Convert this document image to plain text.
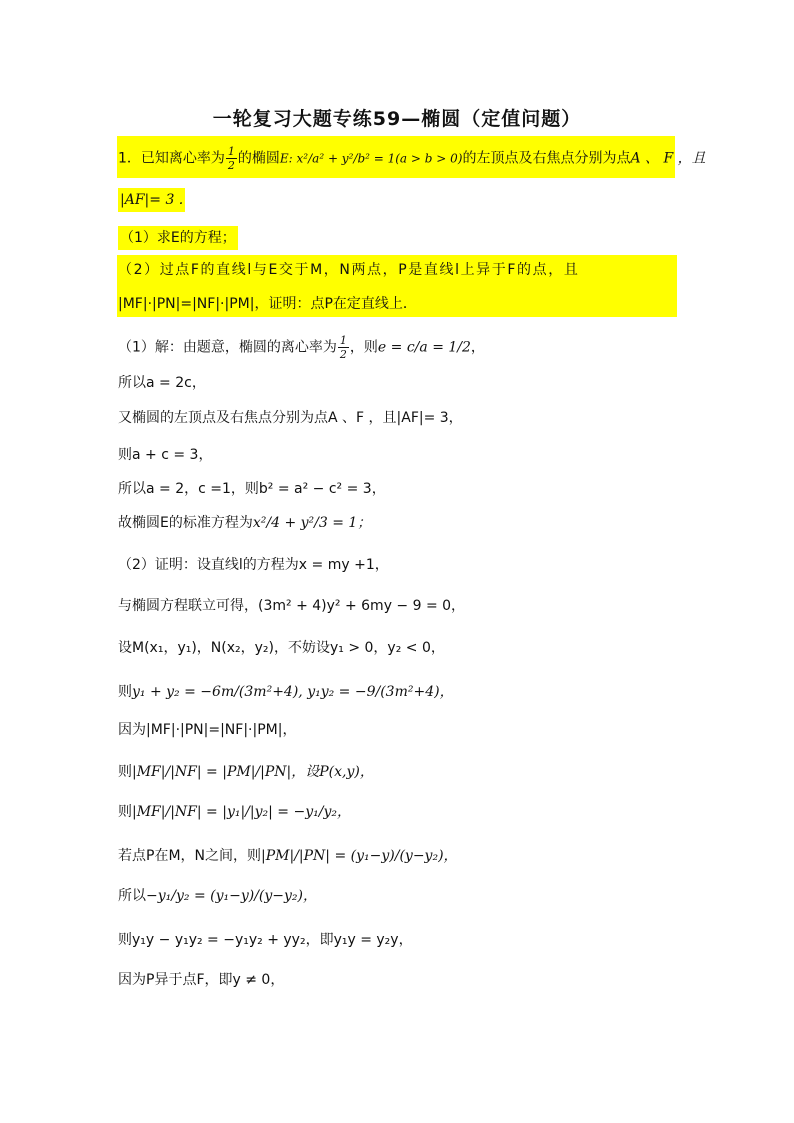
一轮复习大题专练59—椭圆（定值问题）
1．已知离心率为 $\frac{1}{2}$ 的椭圆E: x²/a² + y²/b² = 1(a > b > 0)的左顶点及右焦点分别为点A 、 F ，且
|AF|= 3 .
（1）求E的方程；
（2）过点F的直线l与E交于M，N两点，P是直线l上异于F的点，且
|MF|·|PN|=|NF|·|PM|，证明：点P在定直线上．
（1）解：由题意，椭圆的离心率为 $\frac{1}{2}$ ，则e = c/a = 1/2，
所以a = 2c，
又椭圆的左顶点及右焦点分别为点A 、F ，且|AF|= 3，
则a + c = 3，
所以a = 2，c =1，则b² = a² − c² = 3，
故椭圆E的标准方程为x²/4 + y²/3 = 1；
（2）证明：设直线l的方程为x = my +1，
与椭圆方程联立可得，(3m² + 4)y² + 6my − 9 = 0，
设M(x₁，y₁)，N(x₂，y₂)，不妨设y₁ > 0，y₂ < 0，
则y₁ + y₂ = −6m/(3m²+4), y₁y₂ = −9/(3m²+4)，
因为|MF|·|PN|=|NF|·|PM|，
则|MF|/|NF| = |PM|/|PN|，设P(x,y)，
则|MF|/|NF| = |y₁|/|y₂| = −y₁/y₂，
若点P在M，N之间，则|PM|/|PN| = (y₁−y)/(y−y₂)，
所以−y₁/y₂ = (y₁−y)/(y−y₂)，
则y₁y − y₁y₂ = −y₁y₂ + yy₂，即y₁y = y₂y，
因为P异于点F，即y ≠ 0，
